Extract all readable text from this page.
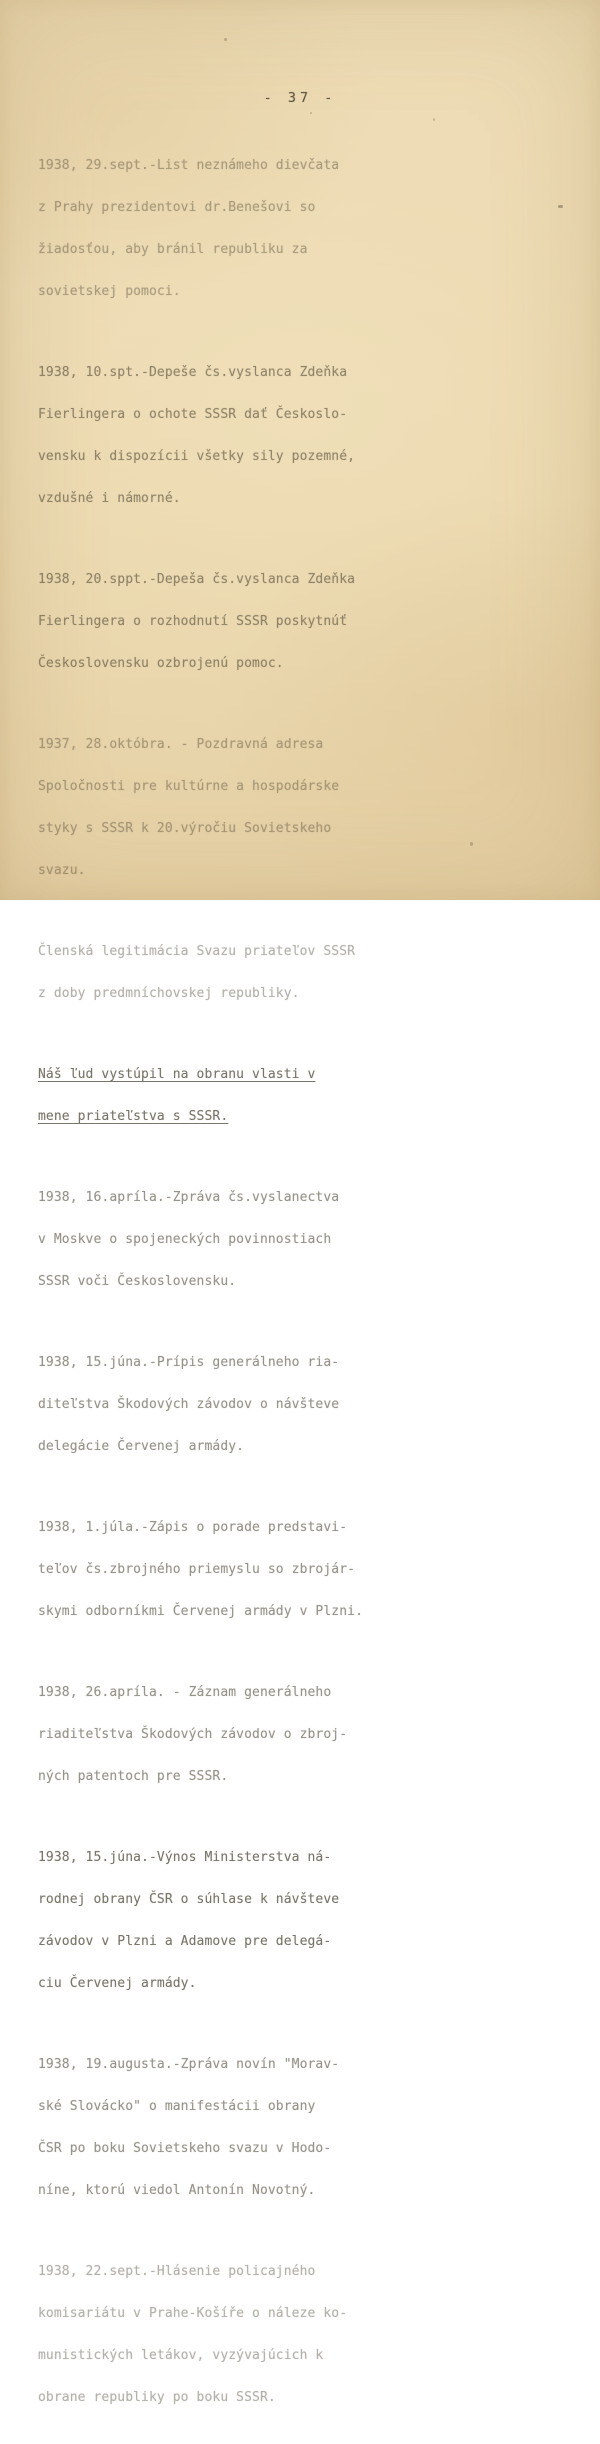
- 37 -

1938, 29.sept.-List neznámeho dievčata

z Prahy prezidentovi dr.Benešovi so

žiadosťou, aby bránil republiku za

sovietskej pomoci.

1938, 10.spt.-Depeše čs.vyslanca Zdeňka

Fierlingera o ochote SSSR dať Českoslo-

vensku k dispozícii všetky sily pozemné,

vzdušné i námorné.

1938, 20.sppt.-Depeša čs.vyslanca Zdeňka

Fierlingera o rozhodnutí SSSR poskytnúť

Československu ozbrojenú pomoc.

1937, 28.októbra. - Pozdravná adresa

Spoločnosti pre kultúrne a hospodárske

styky s SSSR k 20.výročiu Sovietskeho

svazu.

Členská legitimácia Svazu priateľov SSSR

z doby predmníchovskej republiky.

Náš ľud vystúpil na obranu vlasti v

mene priateľstva s SSSR.

1938, 16.apríla.-Zpráva čs.vyslanectva

v Moskve o spojeneckých povinnostiach

SSSR voči Československu.

1938, 15.júna.-Prípis generálneho ria-

diteľstva Škodových závodov o návšteve

delegácie Červenej armády.

1938, 1.júla.-Zápis o porade predstavi-

teľov čs.zbrojného priemyslu so zbrojár-

skymi odborníkmi Červenej armády v Plzni.

1938, 26.apríla. - Záznam generálneho

riaditeľstva Škodových závodov o zbroj-

ných patentoch pre SSSR.

1938, 15.júna.-Výnos Ministerstva ná-

rodnej obrany ČSR o súhlase k návšteve

závodov v Plzni a Adamove pre delegá-

ciu Červenej armády.

1938, 19.augusta.-Zpráva novín "Morav-

ské Slovácko" o manifestácii obrany

ČSR po boku Sovietskeho svazu v Hodo-

níne, ktorú viedol Antonín Novotný.

1938, 22.sept.-Hlásenie policajného

komisariátu v Prahe-Košíře o náleze ko-

munistických letákov, vyzývajúcich k

obrane republiky po boku SSSR.
